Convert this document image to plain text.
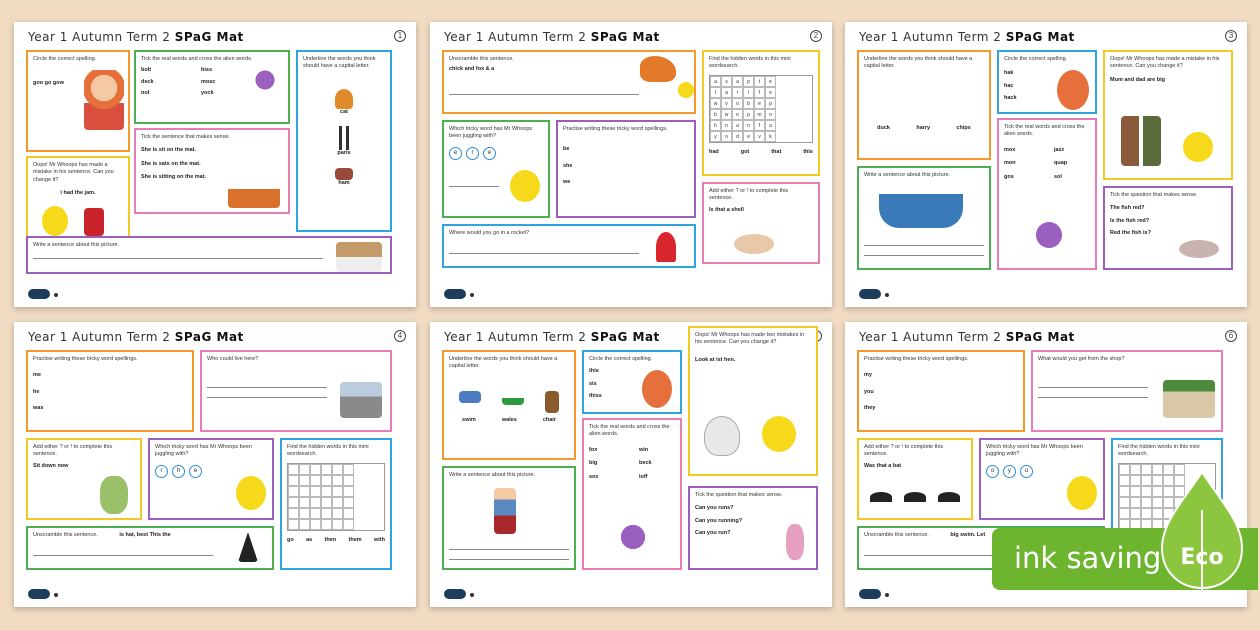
Year 1 Autumn Term 2 SPaG Mat	1
Circle the correct spelling.
goo go gow
Tick the real words and cross the alien words.
bolt	hiss
deck	mosc
nol	yock
Underline the words you think should have a capital letter.
cat
paris
ham
Oops! Mr Whoops has made a mistake in his sentence. Can you change it?
i had the jam.
Tick the sentence that makes sense.
She is sit on the mat.
She is sats on the mat.
She is sitting on the mat.
Write a sentence about this picture.
Year 1 Autumn Term 2 SPaG Mat	2
Unscramble this sentence.
chick and fox & a
Find the hidden words in this mini wordsearch.
a	s	a	p	t	e
t	a	r	i	f	e
w	v	o	b	e	p
b	w	o	p	m	o
h	n	a	n	f	a
y	o	d	e	v	k
had	got	that	this
Which tricky word has Mr Whoops been juggling with?
e r e
Practise writing these tricky word spellings.
be
she
we
Add either ? or ! to complete this sentence.
Is that a shell
Where would you go in a rocket?
Year 1 Autumn Term 2 SPaG Mat	3
Underline the words you think should have a capital letter.
duck	harry	chips
Circle the correct spelling.
hak
hac
hack
Oops! Mr Whoops has made a mistake in his sentence. Can you change it?
Mum and dad are big
Tick the real words and cross the alien words.
mox	jazz
mon	quap
gos	sol
Write a sentence about this picture.
Tick the question that makes sense.
The fish red?
Is the fish red?
Red the fish is?
Year 1 Autumn Term 2 SPaG Mat	4
Practise writing these tricky word spellings.
me
he
was
Who could live here?
Add either ? or ! to complete this sentence.
Sit down now
Which tricky word has Mr Whoops been juggling with?
r h e
Find the hidden words in this mini wordsearch.
go as then them with
Unscramble this sentence.	is hat, best This the
Year 1 Autumn Term 2 SPaG Mat
Underline the words you think should have a capital letter.
swim	wales	chair
Circle the correct spelling.
this
sis
thiss
Oops! Mr Whoops has made two mistakes in his sentence. Can you change it?
Look at ist hen.
Tick the real words and cross the alien words.
fox	win
big	beck
sox	loff
Write a sentence about this picture.
Tick the question that makes sense.
Can you runs?
Can you running?
Can you run?
Year 1 Autumn Term 2 SPaG Mat	6
Practise writing these tricky word spellings.
my
you
they
What would you get from the shop?
Add either ? or ! to complete this sentence.
Was that a bat
Which tricky word has Mr Whoops been juggling with?
o y u
Find the hidden words in this mini wordsearch.
Unscramble this sentence.	big swim. Let
ink saving Eco
